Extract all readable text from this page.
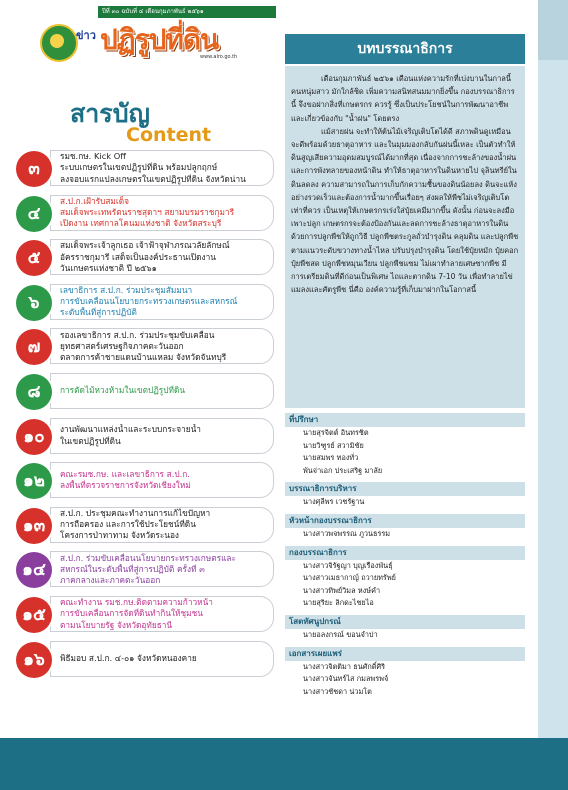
ปีที่ ๓๐ ฉบับที่ ๔ เดือนกุมภาพันธ์ ๒๕๖๑
ข่าว ปฏิรูปที่ดิน
www.alro.go.th
สารบัญ
Content
๓
รมช.กษ. Kick Off
ระบบเกษตรในเขตปฏิรูปที่ดิน พร้อมปลูกฤกษ์
ลงจอบแรกแปลงเกษตรในเขตปฏิรูปที่ดิน จังหวัดน่าน
๔
ส.ป.ก.เฝ้ารับสมเด็จ
สมเด็จพระเทพรัตนราชสุดาฯ สยามบรมราชกุมารี
เปิดงาน เทศกาลโคนมแห่งชาติ จังหวัดสระบุรี
๕
สมเด็จพระเจ้าลูกเธอ เจ้าฟ้าจุฬาภรณวลัยลักษณ์
อัครราชกุมารี เสด็จเป็นองค์ประธานเปิดงาน
วันเกษตรแห่งชาติ ปี ๒๕๖๑
๖
เลขาธิการ ส.ป.ก. ร่วมประชุมสัมมนา
การขับเคลื่อนนโยบายกระทรวงเกษตรและสหกรณ์
ระดับพื้นที่สู่การปฏิบัติ
๗
รองเลขาธิการ ส.ป.ก. ร่วมประชุมขับเคลื่อน
ยุทธศาสตร์เศรษฐกิจภาคตะวันออก
ตลาดการค้าชายแดนบ้านแหลม จังหวัดจันทบุรี
๘	การตัดไม้หวงห้ามในเขตปฏิรูปที่ดิน
๑๐	งานพัฒนาแหล่งน้ำและระบบกระจายน้ำ
ในเขตปฏิรูปที่ดิน
๑๒	คณะรมช.กษ. และเลขาธิการ ส.ป.ก.
ลงพื้นที่ตรวจราชการจังหวัดเชียงใหม่
๑๓
ส.ป.ก. ประชุมคณะทำงานการแก้ไขปัญหา
การถือครอง และการใช้ประโยชน์ที่ดิน
โครงการป่าทาทาม จังหวัดระนอง
๑๔
ส.ป.ก. ร่วมขับเคลื่อนนโยบายกระทรวงเกษตรและ
สหกรณ์ในระดับพื้นที่สู่การปฏิบัติ ครั้งที่ ๓
ภาคกลางและภาคตะวันออก
๑๕
คณะทำงาน รมช.กษ.ติดตามความก้าวหน้า
การขับเคลื่อนการจัดที่ดินทำกินให้ชุมชน
ตามนโยบายรัฐ จังหวัดอุทัยธานี
๑๖	พิธีมอบ ส.ป.ก. ๔-๐๑ จังหวัดหนองคาย
บทบรรณาธิการ

เดือนกุมภาพันธ์ ๒๕๖๑ เดือนแห่งความรักที่เบ่งบานในกาลนี้คนหนุ่มสาว มักใกล้ชิด เพิ่มความสนิทสนมมากยิ่งขึ้น กองบรรณาธิการนี้ จึงขอฝากสิ่งที่เกษตรกร ควรรู้ ซึ่งเป็นประโยชน์ในการพัฒนาอาชีพ และเกี่ยวข้องกับ "น้ำฝน" โดยตรง

แม้สายฝน จะทำให้ต้นไม้เจริญเติบโตได้ดี สภาพดินดูเหมือนจะดีพร้อมด้วยธาตุอาหาร และในมุมมองกลับกันฝนนี้เหละ เป็นตัวทำให้ดินสูญเสียความอุดมสมบูรณ์ได้มากที่สุด เนื่องจากการชะล้างของน้ำฝนและการพังทลายของหน้าดิน ทำให้ธาตุอาหารในดินหายไป จุลินทรีย์ในดินลดลง ความสามารถในการเก็บกักความชื้นของดินน้อยลง ดินจะแห้งอย่างรวดเร็วและต้องการน้ำมากขึ้นเรื่อยๆ ส่งผลให้พืชไม่เจริญเติบโตเท่าที่ควร เป็นเหตุให้เกษตรกรเร่งใส่ปุ๋ยเคมีมากขึ้น ดังนั้น ก่อนจะลงมือเพาะปลูก เกษตรกรจะต้องป้องกันและลดการชะล้างธาตุอาหารในดิน ด้วยการปลูกพืชให้ถูกวิธี ปลูกพืชตระกูลถั่วบำรุงดิน คลุมดิน และปลูกพืชตามแนวระดับขวางทางน้ำไหล ปรับปรุงบำรุงดิน โดยใช้ปุ๋ยหมัก ปุ๋ยคอก ปุ๋ยพืชสด ปลูกพืชหมุนเวียน ปลูกพืชแซม ไม่เผาทำลายเศษซากพืช มีการเตรียมดินที่ดีก่อนเป็นพิเศษ ไถและตากดิน 7-10 วัน เพื่อทำลายไข่แมลงและศัตรูพืช นี่คือ องค์ความรู้ที่เก็บมาฝากในโอกาสนี้

ที่ปรึกษา
นายสุรจิตต์ อินทรชิต
นายวิฑูรย์ สวามิชัย
นายสมพร ทองทั่ว
พันจ่าเอก ประเสริฐ มาลัย
บรรณาธิการบริหาร
นางศุลีพร เวชรัฐาน
หัวหน้ากองบรรณาธิการ
นางสาวพจพรรณ ภูวนธรรม
กองบรรณาธิการ
นางสาวจิรัฐญา บุญเรืองพันธุ์
นางสาวเมธากาญ์ ถวายทรัพย์
นางสาวทิพย์วิมล หงษ์คำ
นายสุริยะ ลิกดะไชยไอ
โสตทัศนูปกรณ์
นายอลงกรณ์ ขอนจำปา
เอกสารเผยแพร่
นางสาวจิตติมา ธนศักดิ์ศิริ
นางสาวจันทร์ไส กมลพรพจ์
นางสาวชัชดา น่วมโต
